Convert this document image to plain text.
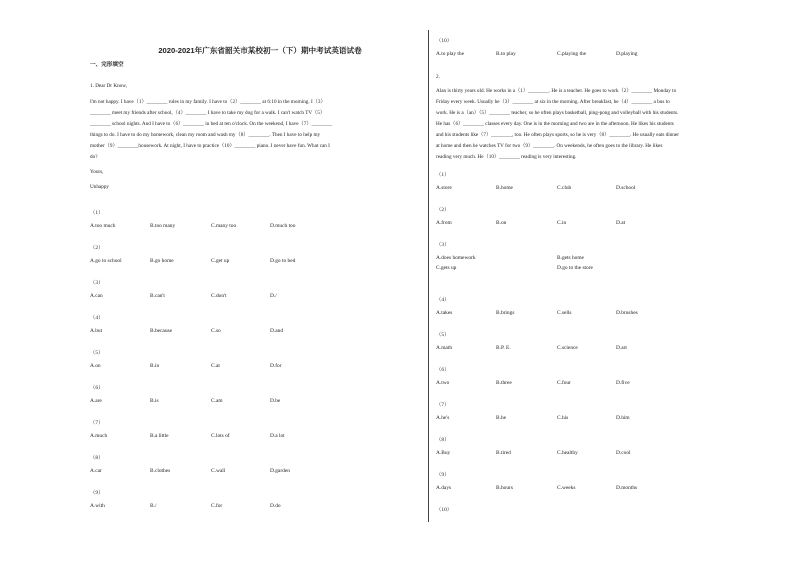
2020-2021年广东省韶关市某校初一（下）期中考试英语试卷
一、完形填空

1. Dear Dr Know,

I'm not happy. I have（1）________ rules in my family. I have to（2）________ at 6:10 in the morning. I（3）

________ meet my friends after school,（4）________ I have to take my dog for a walk. I can't watch TV（5）

________ school nights. And I have to（6）________ in bed at ten o'clock. On the weekend, I have（7）________

things to do. I have to do my homework, clean my room and wash my（8）________. Then I have to help my

mother（9）________housework. At night, I have to practice（10）________ piano. I never have fun. What can I

do?

Yours,

Unhappy

（1）
A.too much	B.too many	C.many too	D.much too
（2）
A.go to school	B.go home	C.get up	D.go to bed
（3）
A.can	B.can't	C.don't	D./
（4）
A.but	B.because	C.so	D.and
（5）
A.on	B.in	C.at	D.for
（6）
A.are	B.is	C.am	D.be
（7）
A.much	B.a little	C.lots of	D.a lot
（8）
A.car	B.clothes	C.wall	D.garden
（9）
A.with	B./	C.for	D.do
（10）
A.to play the	B.to play	C.playing the	D.playing

2.

Alan is thirty years old. He works in a（1）________. He is a teacher. He goes to work（2）________ Monday to

Friday every week. Usually he（3）________ at six in the morning. After breakfast, he（4）________ a bus to

work. He is a（an）（5）________ teacher, so he often plays basketball, ping-pong and volleyball with his students.

He has（6）________ classes every day. One is in the morning and two are in the afternoon. He likes his students

and his students like（7）________, too. He often plays sports, so he is very（8）________. He usually eats dinner

at home and then he watches TV for two（9）________. On weekends, he often goes to the library. He likes

reading very much. He（10）________ reading is very interesting.

（1）
A.store	B.home	C.club	D.school
（2）
A.from	B.on	C.in	D.at
（3）
A.does homework	B.gets home
C.gets up	D.go to the store
（4）
A.takes	B.brings	C.sells	D.brushes
（5）
A.math	B.P. E.	C.science	D.art
（6）
A.two	B.three	C.four	D.five
（7）
A.he's	B.he	C.his	D.him
（8）
A.Buy	B.tired	C.healthy	D.cool
（9）
A.days	B.hours	C.weeks	D.months
（10）
